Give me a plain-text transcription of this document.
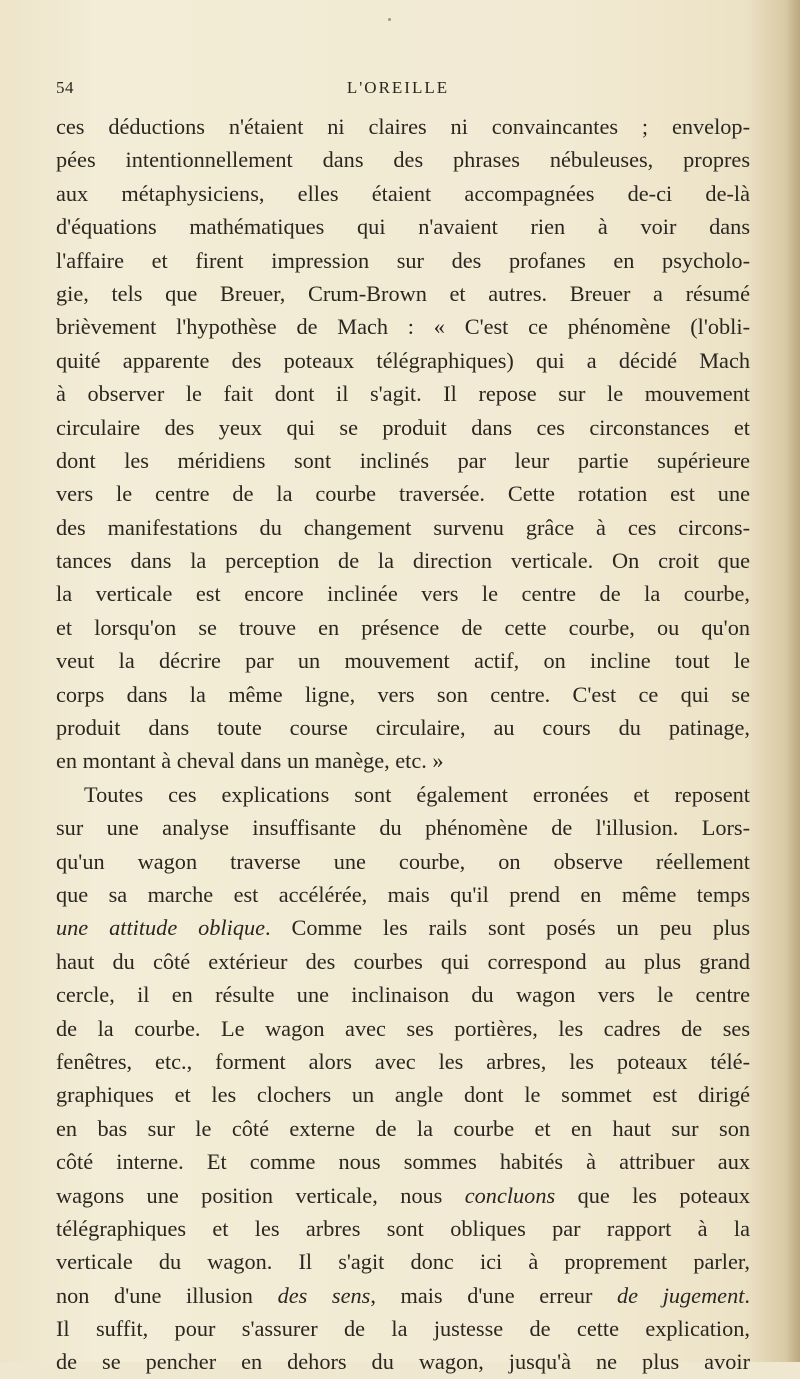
54	L'OREILLE
ces déductions n'étaient ni claires ni convaincantes ; envelop-
pées intentionnellement dans des phrases nébuleuses, propres
aux métaphysiciens, elles étaient accompagnées de-ci de-là
d'équations mathématiques qui n'avaient rien à voir dans
l'affaire et firent impression sur des profanes en psycholo-
gie, tels que Breuer, Crum-Brown et autres. Breuer a résumé
brièvement l'hypothèse de Mach : « C'est ce phénomène (l'obli-
quité apparente des poteaux télégraphiques) qui a décidé Mach
à observer le fait dont il s'agit. Il repose sur le mouvement
circulaire des yeux qui se produit dans ces circonstances et
dont les méridiens sont inclinés par leur partie supérieure
vers le centre de la courbe traversée. Cette rotation est une
des manifestations du changement survenu grâce à ces circons-
tances dans la perception de la direction verticale. On croit que
la verticale est encore inclinée vers le centre de la courbe,
et lorsqu'on se trouve en présence de cette courbe, ou qu'on
veut la décrire par un mouvement actif, on incline tout le
corps dans la même ligne, vers son centre. C'est ce qui se
produit dans toute course circulaire, au cours du patinage,
en montant à cheval dans un manège, etc. »
Toutes ces explications sont également erronées et reposent
sur une analyse insuffisante du phénomène de l'illusion. Lors-
qu'un wagon traverse une courbe, on observe réellement
que sa marche est accélérée, mais qu'il prend en même temps
une attitude oblique. Comme les rails sont posés un peu plus
haut du côté extérieur des courbes qui correspond au plus grand
cercle, il en résulte une inclinaison du wagon vers le centre
de la courbe. Le wagon avec ses portières, les cadres de ses
fenêtres, etc., forment alors avec les arbres, les poteaux télé-
graphiques et les clochers un angle dont le sommet est dirigé
en bas sur le côté externe de la courbe et en haut sur son
côté interne. Et comme nous sommes habités à attribuer aux
wagons une position verticale, nous concluons que les poteaux
télégraphiques et les arbres sont obliques par rapport à la
verticale du wagon. Il s'agit donc ici à proprement parler,
non d'une illusion des sens, mais d'une erreur de jugement.
Il suffit, pour s'assurer de la justesse de cette explication,
de se pencher en dehors du wagon, jusqu'à ne plus avoir
